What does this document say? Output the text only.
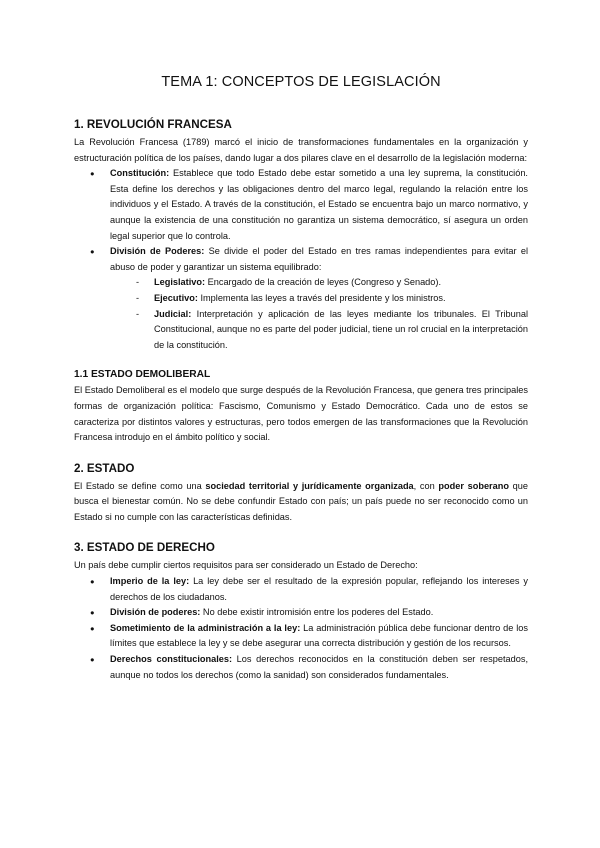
TEMA 1: CONCEPTOS DE LEGISLACIÓN
1. REVOLUCIÓN FRANCESA

La Revolución Francesa (1789) marcó el inicio de transformaciones fundamentales en la organización y estructuración política de los países, dando lugar a dos pilares clave en el desarrollo de la legislación moderna:

● Constitución: Establece que todo Estado debe estar sometido a una ley suprema, la constitución. Esta define los derechos y las obligaciones dentro del marco legal, regulando la relación entre los individuos y el Estado. A través de la constitución, el Estado se encuentra bajo un marco normativo, y aunque la existencia de una constitución no garantiza un sistema democrático, sí asegura un orden legal superior que lo controla.
● División de Poderes: Se divide el poder del Estado en tres ramas independientes para evitar el abuso de poder y garantizar un sistema equilibrado:
- Legislativo: Encargado de la creación de leyes (Congreso y Senado).
- Ejecutivo: Implementa las leyes a través del presidente y los ministros.
- Judicial: Interpretación y aplicación de las leyes mediante los tribunales. El Tribunal Constitucional, aunque no es parte del poder judicial, tiene un rol crucial en la interpretación de la constitución.
1.1 ESTADO DEMOLIBERAL

El Estado Demoliberal es el modelo que surge después de la Revolución Francesa, que genera tres principales formas de organización política: Fascismo, Comunismo y Estado Democrático. Cada uno de estos se caracteriza por distintos valores y estructuras, pero todos emergen de las transformaciones que la Revolución Francesa introdujo en el ámbito político y social.

2. ESTADO

El Estado se define como una sociedad territorial y jurídicamente organizada, con poder soberano que busca el bienestar común. No se debe confundir Estado con país; un país puede no ser reconocido como un Estado si no cumple con las características definidas.

3. ESTADO DE DERECHO

Un país debe cumplir ciertos requisitos para ser considerado un Estado de Derecho:

● Imperio de la ley: La ley debe ser el resultado de la expresión popular, reflejando los intereses y derechos de los ciudadanos.
● División de poderes: No debe existir intromisión entre los poderes del Estado.
● Sometimiento de la administración a la ley: La administración pública debe funcionar dentro de los límites que establece la ley y se debe asegurar una correcta distribución y gestión de los recursos.
● Derechos constitucionales: Los derechos reconocidos en la constitución deben ser respetados, aunque no todos los derechos (como la sanidad) son considerados fundamentales.
